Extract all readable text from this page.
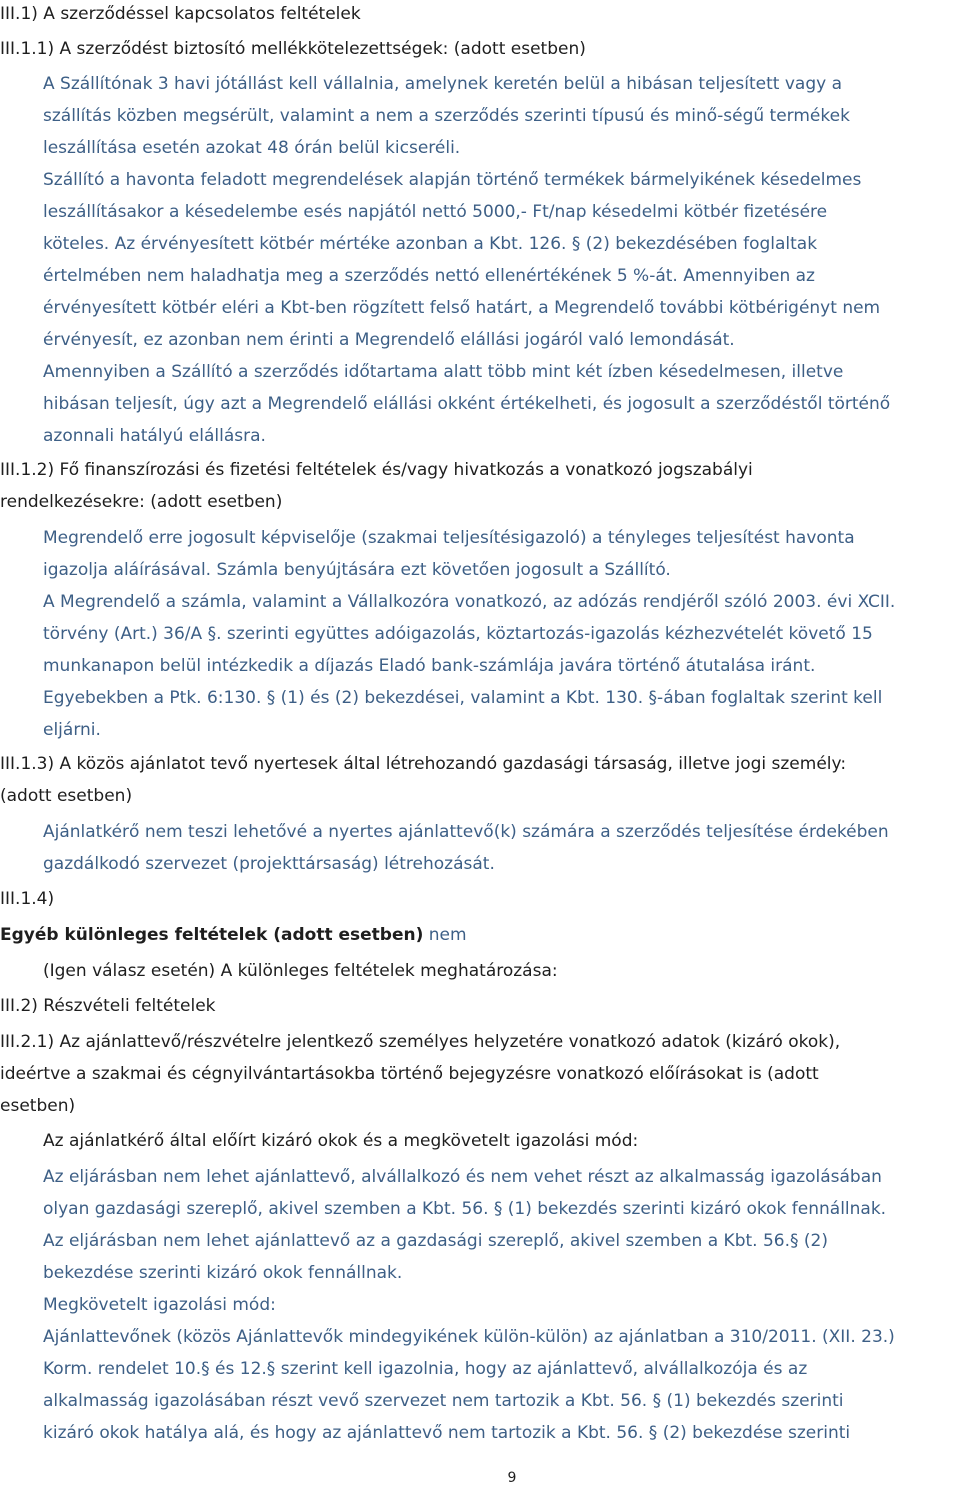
III.1) A szerződéssel kapcsolatos feltételek
III.1.1) A szerződést biztosító mellékkötelezettségek: (adott esetben)
A Szállítónak 3 havi jótállást kell vállalnia, amelynek keretén belül a hibásan teljesített vagy a
szállítás közben megsérült, valamint a nem a szerződés szerinti típusú és minő-ségű termékek
leszállítása esetén azokat 48 órán belül kicseréli.
Szállító a havonta feladott megrendelések alapján történő termékek bármelyikének késedelmes
leszállításakor a késedelembe esés napjától nettó 5000,- Ft/nap késedelmi kötbér fizetésére
köteles. Az érvényesített kötbér mértéke azonban a Kbt. 126. § (2) bekezdésében foglaltak
értelmében nem haladhatja meg a szerződés nettó ellenértékének 5 %-át. Amennyiben az
érvényesített kötbér eléri a Kbt-ben rögzített felső határt, a Megrendelő további kötbérigényt nem
érvényesít, ez azonban nem érinti a Megrendelő elállási jogáról való lemondását.
Amennyiben a Szállító a szerződés időtartama alatt több mint két ízben késedelmesen, illetve
hibásan teljesít, úgy azt a Megrendelő elállási okként értékelheti, és jogosult a szerződéstől történő
azonnali hatályú elállásra.
III.1.2) Fő finanszírozási és fizetési feltételek és/vagy hivatkozás a vonatkozó jogszabályi
rendelkezésekre: (adott esetben)
Megrendelő erre jogosult képviselője (szakmai teljesítésigazoló) a tényleges teljesítést havonta
igazolja aláírásával. Számla benyújtására ezt követően jogosult a Szállító.
A Megrendelő a számla, valamint a Vállalkozóra vonatkozó, az adózás rendjéről szóló 2003. évi XCII.
törvény (Art.) 36/A §. szerinti együttes adóigazolás, köztartozás-igazolás kézhezvételét követő 15
munkanapon belül intézkedik a díjazás Eladó bank-számlája javára történő átutalása iránt.
Egyebekben a Ptk. 6:130. § (1) és (2) bekezdései, valamint a Kbt. 130. §-ában foglaltak szerint kell
eljárni.
III.1.3) A közös ajánlatot tevő nyertesek által létrehozandó gazdasági társaság, illetve jogi személy:
(adott esetben)
Ajánlatkérő nem teszi lehetővé a nyertes ajánlattevő(k) számára a szerződés teljesítése érdekében
gazdálkodó szervezet (projekttársaság) létrehozását.
III.1.4)
Egyéb különleges feltételek (adott esetben) nem
(Igen válasz esetén) A különleges feltételek meghatározása:
III.2) Részvételi feltételek
III.2.1) Az ajánlattevő/részvételre jelentkező személyes helyzetére vonatkozó adatok (kizáró okok),
ideértve a szakmai és cégnyilvántartásokba történő bejegyzésre vonatkozó előírásokat is (adott
esetben)
Az ajánlatkérő által előírt kizáró okok és a megkövetelt igazolási mód:
Az eljárásban nem lehet ajánlattevő, alvállalkozó és nem vehet részt az alkalmasság igazolásában
olyan gazdasági szereplő, akivel szemben a Kbt. 56. § (1) bekezdés szerinti kizáró okok fennállnak.
Az eljárásban nem lehet ajánlattevő az a gazdasági szereplő, akivel szemben a Kbt. 56.§ (2)
bekezdése szerinti kizáró okok fennállnak.
Megkövetelt igazolási mód:
Ajánlattevőnek (közös Ajánlattevők mindegyikének külön-külön) az ajánlatban a 310/2011. (XII. 23.)
Korm. rendelet 10.§ és 12.§ szerint kell igazolnia, hogy az ajánlattevő, alvállalkozója és az
alkalmasság igazolásában részt vevő szervezet nem tartozik a Kbt. 56. § (1) bekezdés szerinti
kizáró okok hatálya alá, és hogy az ajánlattevő nem tartozik a Kbt. 56. § (2) bekezdése szerinti
9
